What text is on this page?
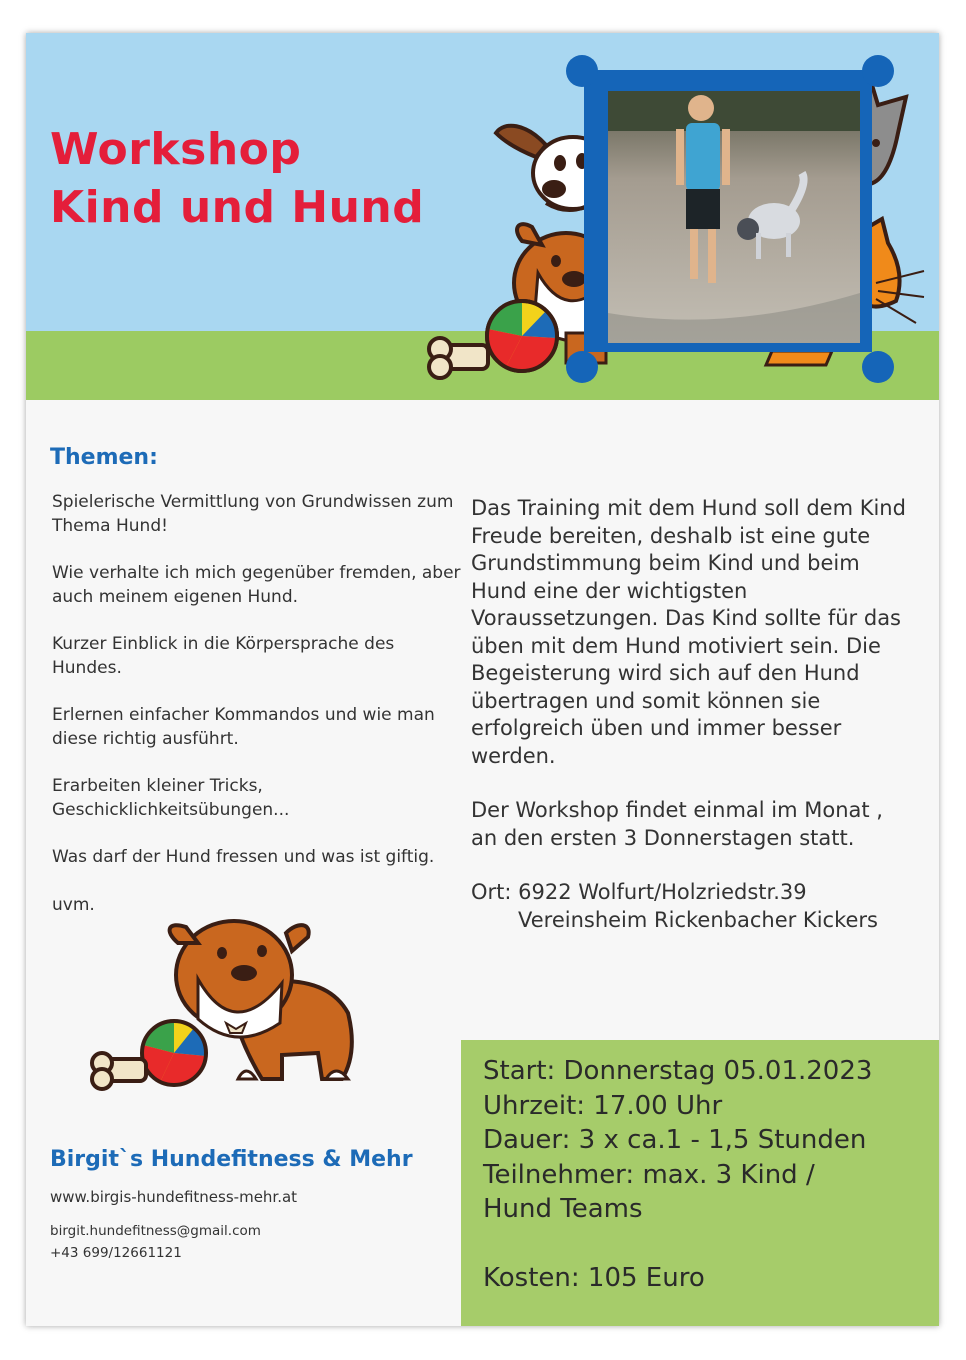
Workshop
Kind und Hund
Themen:

Spielerische Vermittlung von Grundwissen zum Thema Hund!

Wie verhalte ich mich gegenüber fremden, aber auch meinem eigenen Hund.

Kurzer Einblick in die Körpersprache des Hundes.

Erlernen einfacher Kommandos und wie man diese richtig ausführt.

Erarbeiten kleiner Tricks, Geschicklichkeitsübungen...

Was darf der Hund fressen und was ist giftig.

uvm.

Das Training mit dem Hund soll dem Kind Freude bereiten, deshalb ist eine gute Grundstimmung beim Kind und beim Hund eine der wichtigsten Voraussetzungen. Das Kind sollte für das üben mit dem Hund motiviert sein. Die Begeisterung wird sich auf den Hund übertragen und somit können sie erfolgreich üben und immer besser werden.

Der Workshop findet einmal im Monat , an den ersten 3 Donnerstagen statt.

Ort: 6922 Wolfurt/Holzriedstr.39
Vereinsheim Rickenbacher Kickers

Birgit`s Hundefitness & Mehr
www.birgis-hundefitness-mehr.at
birgit.hundefitness@gmail.com
+43 699/12661121
Start: Donnerstag 05.01.2023
Uhrzeit: 17.00 Uhr
Dauer: 3 x ca.1 - 1,5 Stunden
Teilnehmer: max. 3 Kind /
Hund Teams
Kosten: 105 Euro
